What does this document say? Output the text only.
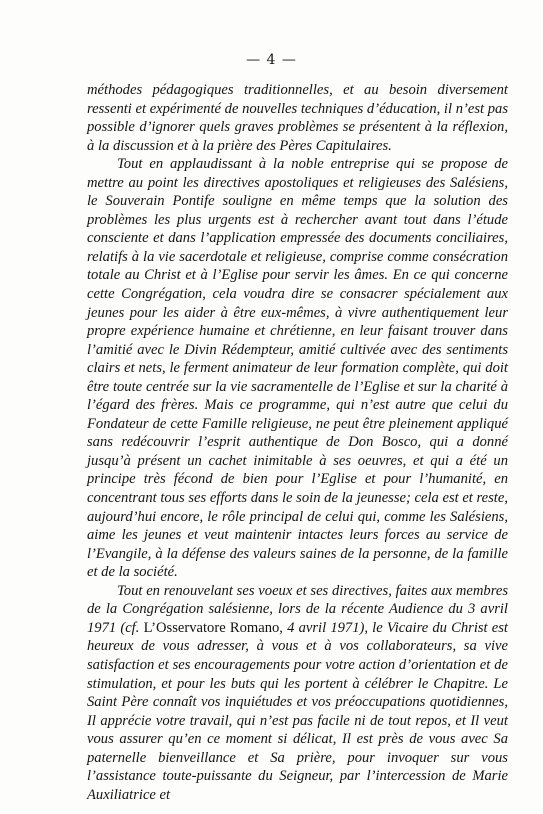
— 4 —

méthodes pédagogiques traditionnelles, et au besoin diversement ressenti et expérimenté de nouvelles techniques d’éducation, il n’est pas possible d’ignorer quels graves problèmes se présentent à la réflexion, à la discussion et à la prière des Pères Capitulaires.

Tout en applaudissant à la noble entreprise qui se propose de mettre au point les directives apostoliques et religieuses des Salésiens, le Souverain Pontife souligne en même temps que la solution des problèmes les plus urgents est à rechercher avant tout dans l’étude consciente et dans l’application empressée des documents conciliaires, relatifs à la vie sacerdotale et religieuse, comprise comme consécration totale au Christ et à l’Eglise pour servir les âmes. En ce qui concerne cette Congrégation, cela voudra dire se consacrer spécialement aux jeunes pour les aider à être eux-mêmes, à vivre authentiquement leur propre expérience humaine et chrétienne, en leur faisant trouver dans l’amitié avec le Divin Rédempteur, amitié cultivée avec des sentiments clairs et nets, le ferment animateur de leur formation complète, qui doit être toute centrée sur la vie sacramentelle de l’Eglise et sur la charité à l’égard des frères. Mais ce programme, qui n’est autre que celui du Fondateur de cette Famille religieuse, ne peut être pleinement appliqué sans redécouvrir l’esprit authentique de Don Bosco, qui a donné jusqu’à présent un cachet inimitable à ses oeuvres, et qui a été un principe très fécond de bien pour l’Eglise et pour l’humanité, en concentrant tous ses efforts dans le soin de la jeunesse; cela est et reste, aujourd’hui encore, le rôle principal de celui qui, comme les Salésiens, aime les jeunes et veut maintenir intactes leurs forces au service de l’Evangile, à la défense des valeurs saines de la personne, de la famille et de la société.

Tout en renouvelant ses voeux et ses directives, faites aux membres de la Congrégation salésienne, lors de la récente Audience du 3 avril 1971 (cf. L’Osservatore Romano, 4 avril 1971), le Vicaire du Christ est heureux de vous adresser, à vous et à vos collaborateurs, sa vive satisfaction et ses encouragements pour votre action d’orientation et de stimulation, et pour les buts qui les portent à célébrer le Chapitre. Le Saint Père connaît vos inquiétudes et vos préoccupations quotidiennes, Il apprécie votre travail, qui n’est pas facile ni de tout repos, et Il veut vous assurer qu’en ce moment si délicat, Il est près de vous avec Sa paternelle bienveillance et Sa prière, pour invoquer sur vous l’assistance toute-puissante du Seigneur, par l’intercession de Marie Auxiliatrice et
